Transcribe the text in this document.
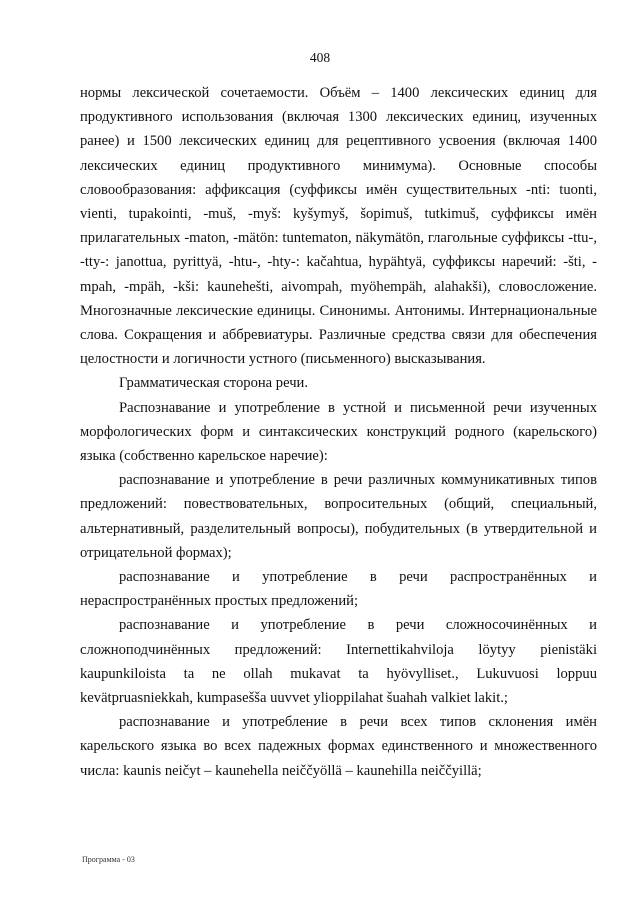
408

нормы лексической сочетаемости. Объём – 1400 лексических единиц для продуктивного использования (включая 1300 лексических единиц, изученных ранее) и 1500 лексических единиц для рецептивного усвоения (включая 1400 лексических единиц продуктивного минимума). Основные способы словообразования: аффиксация (суффиксы имён существительных -nti: tuonti, vienti, tupakointi, -muš, -myš: kyšymyš, šopimuš, tutkimuš, суффиксы имён прилагательных -maton, -mätön: tuntematon, näkymätön, глагольные суффиксы -ttu-, -tty-: janottua, pyrittyä, -htu-, -hty-: kačahtua, hypähtyä, суффиксы наречий: -šti, -mpah, -mpäh, -kši: kaunehešti, aivompah, myöhempäh, alahakši), словосложение. Многозначные лексические единицы. Синонимы. Антонимы. Интернациональные слова. Сокращения и аббревиатуры. Различные средства связи для обеспечения целостности и логичности устного (письменного) высказывания.

Грамматическая сторона речи.

Распознавание и употребление в устной и письменной речи изученных морфологических форм и синтаксических конструкций родного (карельского) языка (собственно карельское наречие):

распознавание и употребление в речи различных коммуникативных типов предложений: повествовательных, вопросительных (общий, специальный, альтернативный, разделительный вопросы), побудительных (в утвердительной и отрицательной формах);

распознавание и употребление в речи распространённых и нераспространённых простых предложений;

распознавание и употребление в речи сложносочинённых и сложноподчинённых предложений: Internettikahviloja löytyy pienistäki kaupunkiloista ta ne ollah mukavat ta hyövylliset., Lukuvuosi loppuu kevätpruasniekkah, kumpasešša uuvvet ylioppilahat šuahah valkiet lakit.;

распознавание и употребление в речи всех типов склонения имён карельского языка во всех падежных формах единственного и множественного числа: kaunis neičyt – kaunehella neiččyöllä – kaunehilla neiččyillä;

Программа - 03
